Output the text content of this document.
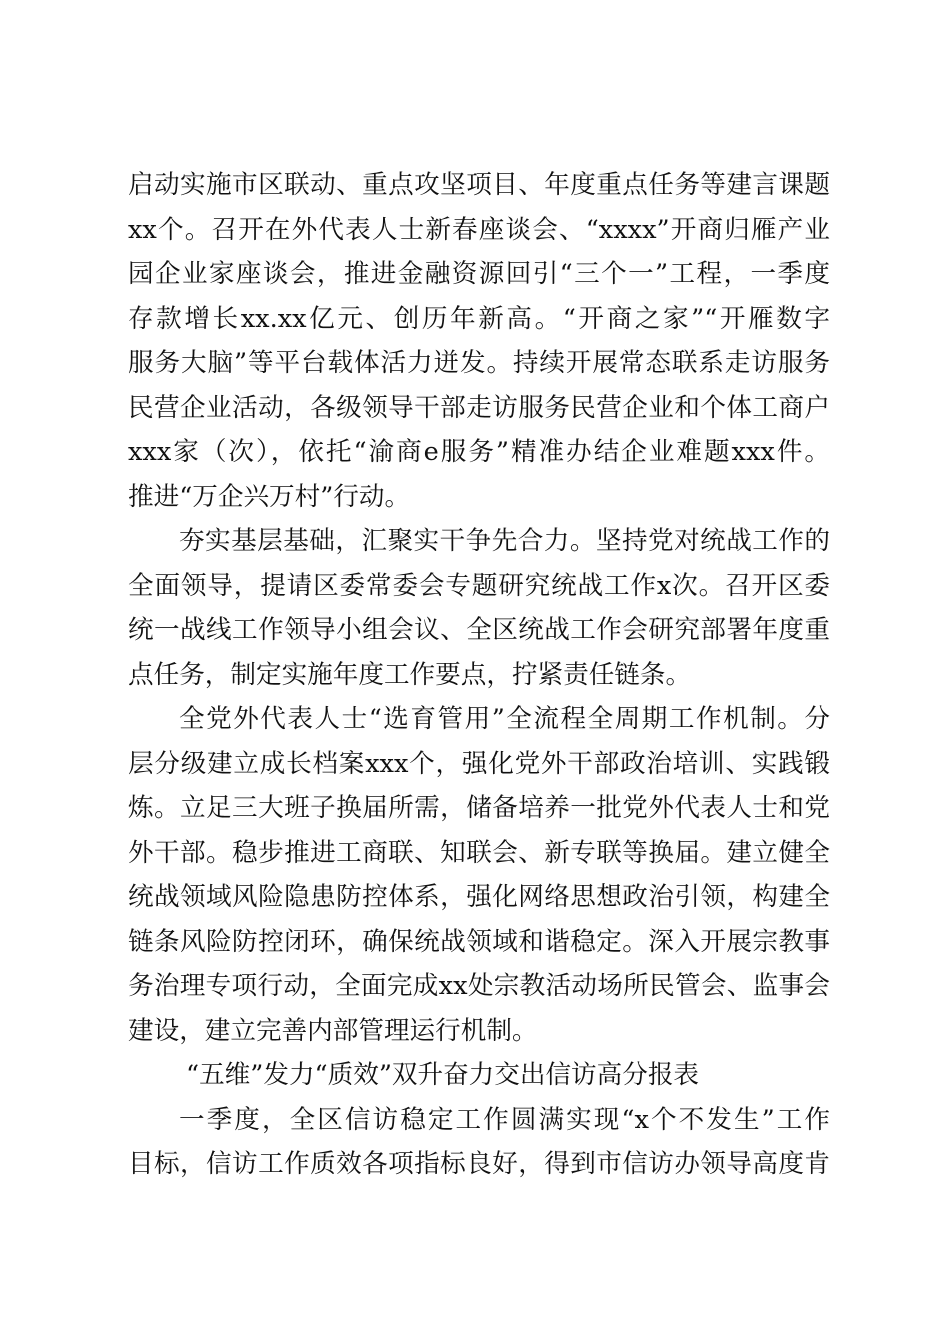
启动实施市区联动、重点攻坚项目、年度重点任务等建言课题
xx个。召开在外代表人士新春座谈会、“xxxx”开商归雁产业
园企业家座谈会，推进金融资源回引“三个一”工程，一季度
存款增长xx.xx亿元、创历年新高。“开商之家”“开雁数字
服务大脑”等平台载体活力迸发。持续开展常态联系走访服务
民营企业活动，各级领导干部走访服务民营企业和个体工商户
xxx家（次），依托“渝商e服务”精准办结企业难题xxx件。
推进“万企兴万村”行动。
夯实基层基础，汇聚实干争先合力。坚持党对统战工作的
全面领导，提请区委常委会专题研究统战工作x次。召开区委
统一战线工作领导小组会议、全区统战工作会研究部署年度重
点任务，制定实施年度工作要点，拧紧责任链条。
全党外代表人士“选育管用”全流程全周期工作机制。分
层分级建立成长档案xxx个，强化党外干部政治培训、实践锻
炼。立足三大班子换届所需，储备培养一批党外代表人士和党
外干部。稳步推进工商联、知联会、新专联等换届。建立健全
统战领域风险隐患防控体系，强化网络思想政治引领，构建全
链条风险防控闭环，确保统战领域和谐稳定。深入开展宗教事
务治理专项行动，全面完成xx处宗教活动场所民管会、监事会
建设，建立完善内部管理运行机制。
“五维”发力“质效”双升奋力交出信访高分报表
一季度，全区信访稳定工作圆满实现“x个不发生”工作
目标，信访工作质效各项指标良好，得到市信访办领导高度肯
